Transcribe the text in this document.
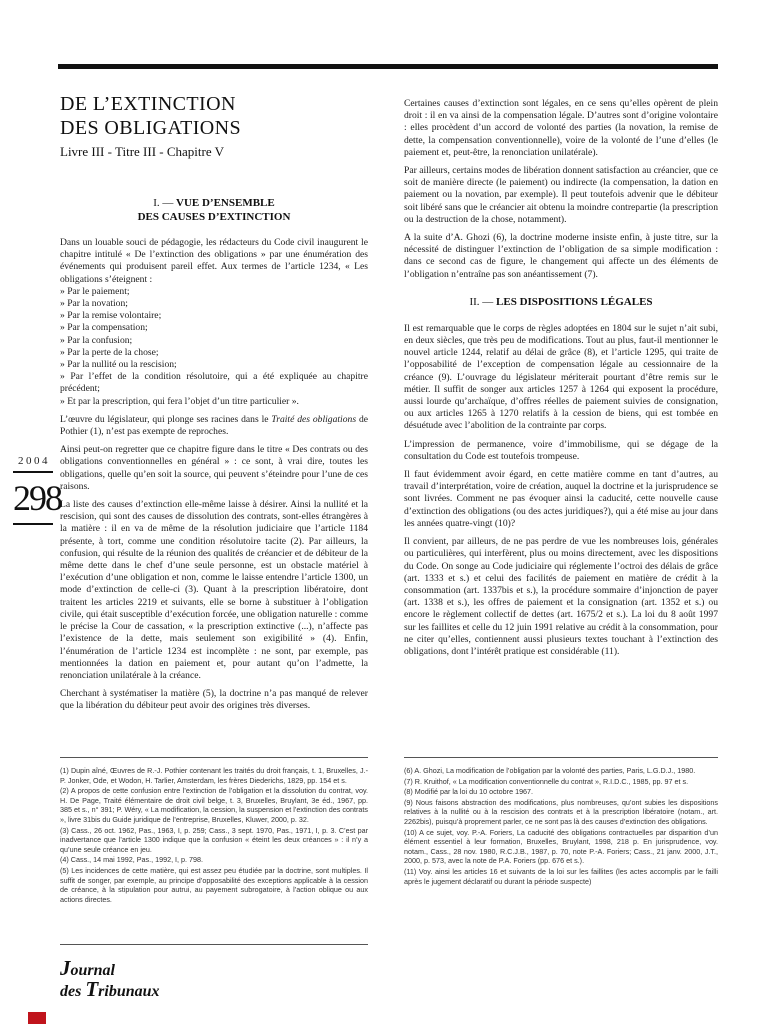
DE L’EXTINCTION
DES OBLIGATIONS
Livre III - Titre III - Chapitre V
2004
298
I. — VUE D’ENSEMBLE
DES CAUSES D’EXTINCTION

Dans un louable souci de pédagogie, les rédacteurs du Code civil inaugurent le chapitre intitulé « De l’extinction des obligations » par une énumération des événements qui produisent pareil effet. Aux termes de l’article 1234, « Les obligations s’éteignent :

» Par le paiement;

» Par la novation;

» Par la remise volontaire;

» Par la compensation;

» Par la confusion;

» Par la perte de la chose;

» Par la nullité ou la rescision;

» Par l’effet de la condition résolutoire, qui a été expliquée au chapitre précédent;

» Et par la prescription, qui fera l’objet d’un titre particulier ».

L’œuvre du législateur, qui plonge ses racines dans le Traité des obligations de Pothier (1), n’est pas exempte de reproches.

Ainsi peut-on regretter que ce chapitre figure dans le titre « Des contrats ou des obligations conventionnelles en général » : ce sont, à vrai dire, toutes les obligations, quelle qu’en soit la source, qui peuvent s’éteindre pour l’une de ces raisons.

La liste des causes d’extinction elle-même laisse à désirer. Ainsi la nullité et la rescision, qui sont des causes de dissolution des contrats, sont-elles étrangères à la matière : il en va de même de la résolution judiciaire que l’article 1184 présente, à tort, comme une condition résolutoire tacite (2). Par ailleurs, la confusion, qui résulte de la réunion des qualités de créancier et de débiteur de la même dette dans le chef d’une seule personne, est un obstacle matériel à l’exécution d’une obligation et non, comme le laisse entendre l’article 1300, un mode d’extinction de celle-ci (3). Quant à la prescription libératoire, dont traitent les articles 2219 et suivants, elle se borne à substituer à l’obligation civile, qui était susceptible d’exécution forcée, une obligation naturelle : comme le précise la Cour de cassation, « la prescription extinctive (...), n’affecte pas l’existence de la dette, mais seulement son exigibilité » (4). Enfin, l’énumération de l’article 1234 est incomplète : ne sont, par exemple, pas mentionnées la dation en paiement et, pour autant qu’on l’admette, la renonciation unilatérale à la créance.

Cherchant à systématiser la matière (5), la doctrine n’a pas manqué de relever que la libération du débiteur peut avoir des origines très diverses.

Certaines causes d’extinction sont légales, en ce sens qu’elles opèrent de plein droit : il en va ainsi de la compensation légale. D’autres sont d’origine volontaire : elles procèdent d’un accord de volonté des parties (la novation, la remise de dette, la compensation conventionnelle), voire de la volonté de l’une d’elles (le paiement et, peut-être, la renonciation unilatérale).

Par ailleurs, certains modes de libération donnent satisfaction au créancier, que ce soit de manière directe (le paiement) ou indirecte (la compensation, la dation en paiement ou la novation, par exemple). Il peut toutefois advenir que le débiteur soit libéré sans que le créancier ait obtenu la moindre contrepartie (la prescription ou la destruction de la chose, notamment).

A la suite d’A. Ghozi (6), la doctrine moderne insiste enfin, à juste titre, sur la nécessité de distinguer l’extinction de l’obligation de sa simple modification : dans ce second cas de figure, le changement qui affecte un des éléments de l’obligation n’entraîne pas son anéantissement (7).

II. — LES DISPOSITIONS LÉGALES

Il est remarquable que le corps de règles adoptées en 1804 sur le sujet n’ait subi, en deux siècles, que très peu de modifications. Tout au plus, faut-il mentionner le nouvel article 1244, relatif au délai de grâce (8), et l’article 1295, qui traite de l’opposabilité de l’exception de compensation légale au cessionnaire de la créance (9). L’ouvrage du législateur mériterait pourtant d’être remis sur le métier. Il suffit de songer aux articles 1257 à 1264 qui exposent la procédure, aussi lourde qu’archaïque, d’offres réelles de paiement suivies de consignation, ou aux articles 1265 à 1270 relatifs à la cession de biens, qui est tombée en désuétude avec l’abolition de la contrainte par corps.

L’impression de permanence, voire d’immobilisme, qui se dégage de la consultation du Code est toutefois trompeuse.

Il faut évidemment avoir égard, en cette matière comme en tant d’autres, au travail d’interprétation, voire de création, auquel la doctrine et la jurisprudence se sont livrées. Comment ne pas évoquer ainsi la caducité, cette nouvelle cause d’extinction des obligations (ou des actes juridiques?), qui a été mise au jour dans les années quatre-vingt (10)?

Il convient, par ailleurs, de ne pas perdre de vue les nombreuses lois, générales ou particulières, qui interfèrent, plus ou moins directement, avec les dispositions du Code. On songe au Code judiciaire qui réglemente l’octroi des délais de grâce (art. 1333 et s.) et celui des facilités de paiement en matière de crédit à la consommation (art. 1337bis et s.), la procédure sommaire d’injonction de payer (art. 1338 et s.), les offres de paiement et la consignation (art. 1352 et s.) ou encore le règlement collectif de dettes (art. 1675/2 et s.). La loi du 8 août 1997 sur les faillites et celle du 12 juin 1991 relative au crédit à la consommation, pour ne citer qu’elles, contiennent aussi plusieurs textes touchant à l’extinction des obligations, dont l’intérêt pratique est considérable (11).

(1) Dupin aîné, Œuvres de R.-J. Pothier contenant les traités du droit français, t. 1, Bruxelles, J.-P. Jonker, Ode, et Wodon, H. Tarlier, Amsterdam, les frères Diederichs, 1829, pp. 154 et s.

(2) A propos de cette confusion entre l’extinction de l’obligation et la dissolution du contrat, voy. H. De Page, Traité élémentaire de droit civil belge, t. 3, Bruxelles, Bruylant, 3e éd., 1967, pp. 385 et s., n° 391; P. Wéry, « La modification, la cession, la suspension et l’extinction des contrats », livre 31bis du Guide juridique de l’entreprise, Bruxelles, Kluwer, 2000, p. 32.

(3) Cass., 26 oct. 1962, Pas., 1963, I, p. 259; Cass., 3 sept. 1970, Pas., 1971, I, p. 3. C’est par inadvertance que l’article 1300 indique que la confusion « éteint les deux créances » : il n’y a qu’une seule créance en jeu.

(4) Cass., 14 mai 1992, Pas., 1992, I, p. 798.

(5) Les incidences de cette matière, qui est assez peu étudiée par la doctrine, sont multiples. Il suffit de songer, par exemple, au principe d’opposabilité des exceptions applicable à la cession de créance, à la stipulation pour autrui, au payement subrogatoire, à l’action oblique ou aux actions directes.

(6) A. Ghozi, La modification de l’obligation par la volonté des parties, Paris, L.G.D.J., 1980.

(7) R. Kruithof, « La modification conventionnelle du contrat », R.I.D.C., 1985, pp. 97 et s.

(8) Modifié par la loi du 10 octobre 1967.

(9) Nous faisons abstraction des modifications, plus nombreuses, qu’ont subies les dispositions relatives à la nullité ou à la rescision des contrats et à la prescription libératoire (notam., art. 2262bis), puisqu’à proprement parler, ce ne sont pas là des causes d’extinction des obligations.

(10) A ce sujet, voy. P.-A. Foriers, La caducité des obligations contractuelles par disparition d’un élément essentiel à leur formation, Bruxelles, Bruylant, 1998, 218 p. En jurisprudence, voy. notam., Cass., 28 nov. 1980, R.C.J.B., 1987, p. 70, note P.-A. Foriers; Cass., 21 janv. 2000, J.T., 2000, p. 573, avec la note de P.A. Foriers (pp. 676 et s.).

(11) Voy. ainsi les articles 16 et suivants de la loi sur les faillites (les actes accomplis par le failli après le jugement déclaratif ou durant la période suspecte)

Journal
des Tribunaux
